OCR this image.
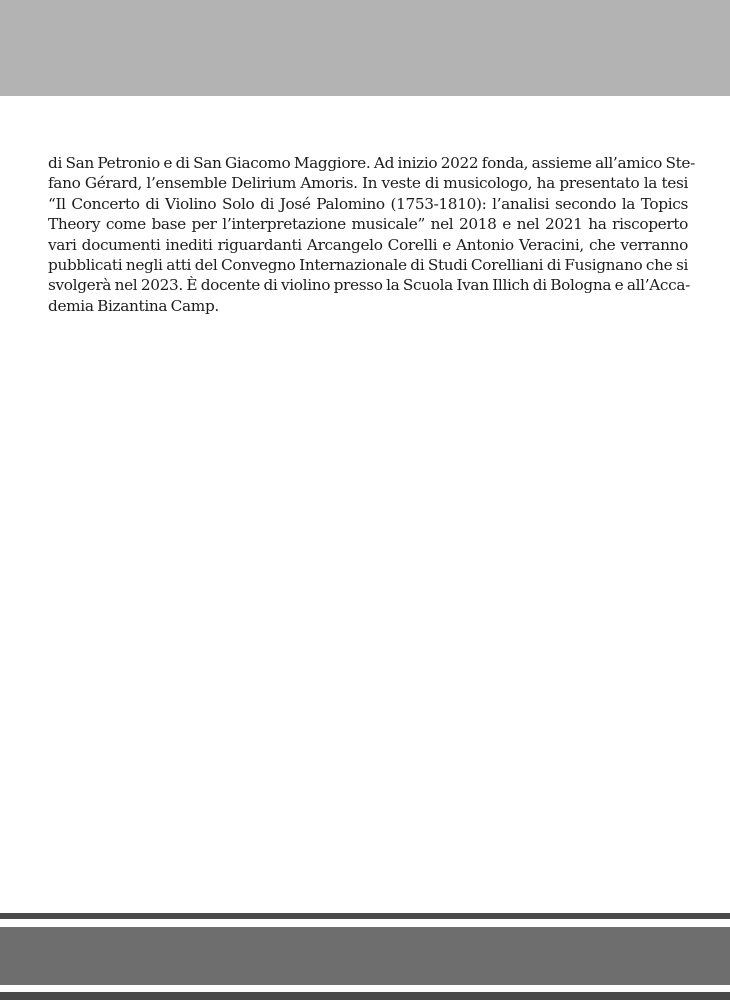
di San Petronio e di San Giacomo Maggiore. Ad inizio 2022 fonda, assieme all’amico Ste-
fano Gérard, l’ensemble Delirium Amoris. In veste di musicologo, ha presentato la tesi
“Il Concerto di Violino Solo di José Palomino (1753-1810): l’analisi secondo la Topics
Theory come base per l’interpretazione musicale” nel 2018 e nel 2021 ha riscoperto
vari documenti inediti riguardanti Arcangelo Corelli e Antonio Veracini, che verranno
pubblicati negli atti del Convegno Internazionale di Studi Corelliani di Fusignano che si
svolgerà nel 2023. È docente di violino presso la Scuola Ivan Illich di Bologna e all’Acca-
demia Bizantina Camp.
